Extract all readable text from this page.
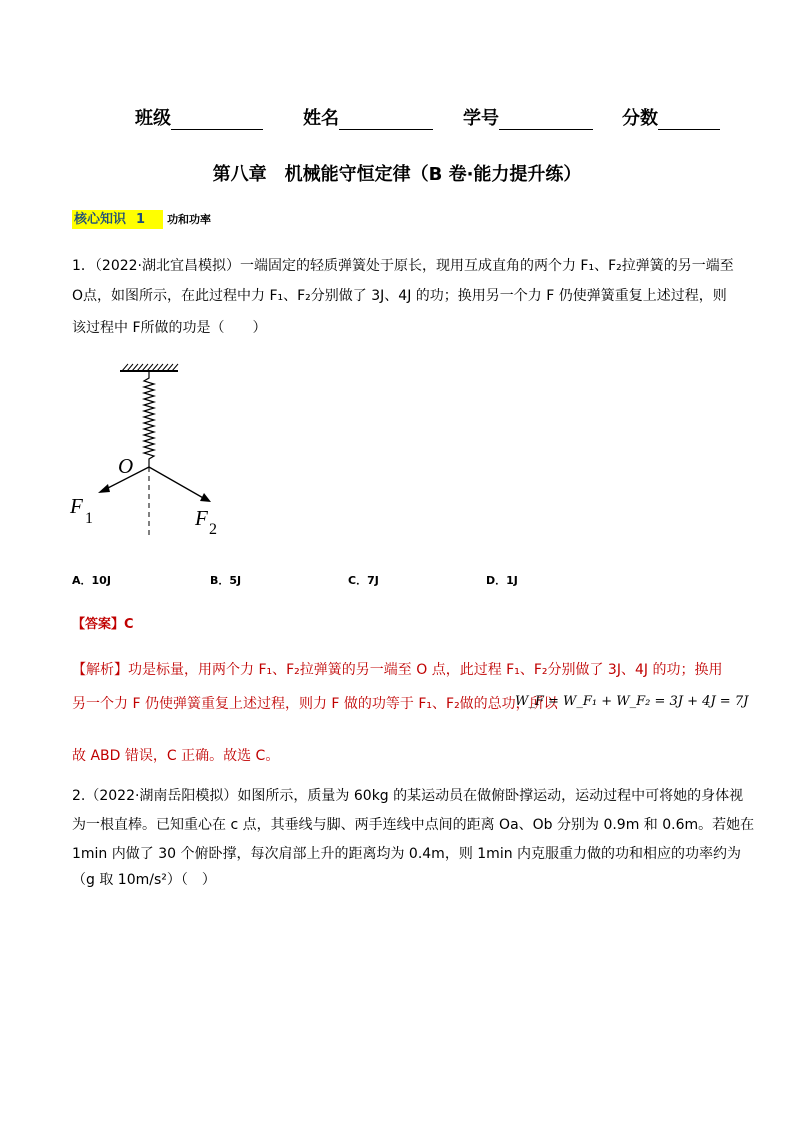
班级	姓名	学号	分数
第八章　机械能守恒定律（B 卷·能力提升练）
核心知识 1 功和功率
1．（2022·湖北宜昌模拟）一端固定的轻质弹簧处于原长，现用互成直角的两个力 F₁、F₂拉弹簧的另一端至
O点，如图所示，在此过程中力 F₁、F₂分别做了 3J、4J 的功；换用另一个力 F 仍使弹簧重复上述过程，则
该过程中 F所做的功是（　　）
O
F
1	F 2
A．10J	B．5J	C．7J	D．1J
【答案】C
【解析】功是标量，用两个力 F₁、F₂拉弹簧的另一端至 O 点，此过程 F₁、F₂分别做了 3J、4J 的功；换用
另一个力 F 仍使弹簧重复上述过程，则力 F 做的功等于 F₁、F₂做的总功，所以
W_F = W_F₁ + W_F₂ = 3J + 4J = 7J
故 ABD 错误，C 正确。故选 C。
2.（2022·湖南岳阳模拟）如图所示，质量为 60kg 的某运动员在做俯卧撑运动，运动过程中可将她的身体视
为一根直棒。已知重心在 c 点，其垂线与脚、两手连线中点间的距离 Oa、Ob 分别为 0.9m 和 0.6m。若她在
1min 内做了 30 个俯卧撑，每次肩部上升的距离均为 0.4m，则 1min 内克服重力做的功和相应的功率约为
（g 取 10m/s²）（　）
